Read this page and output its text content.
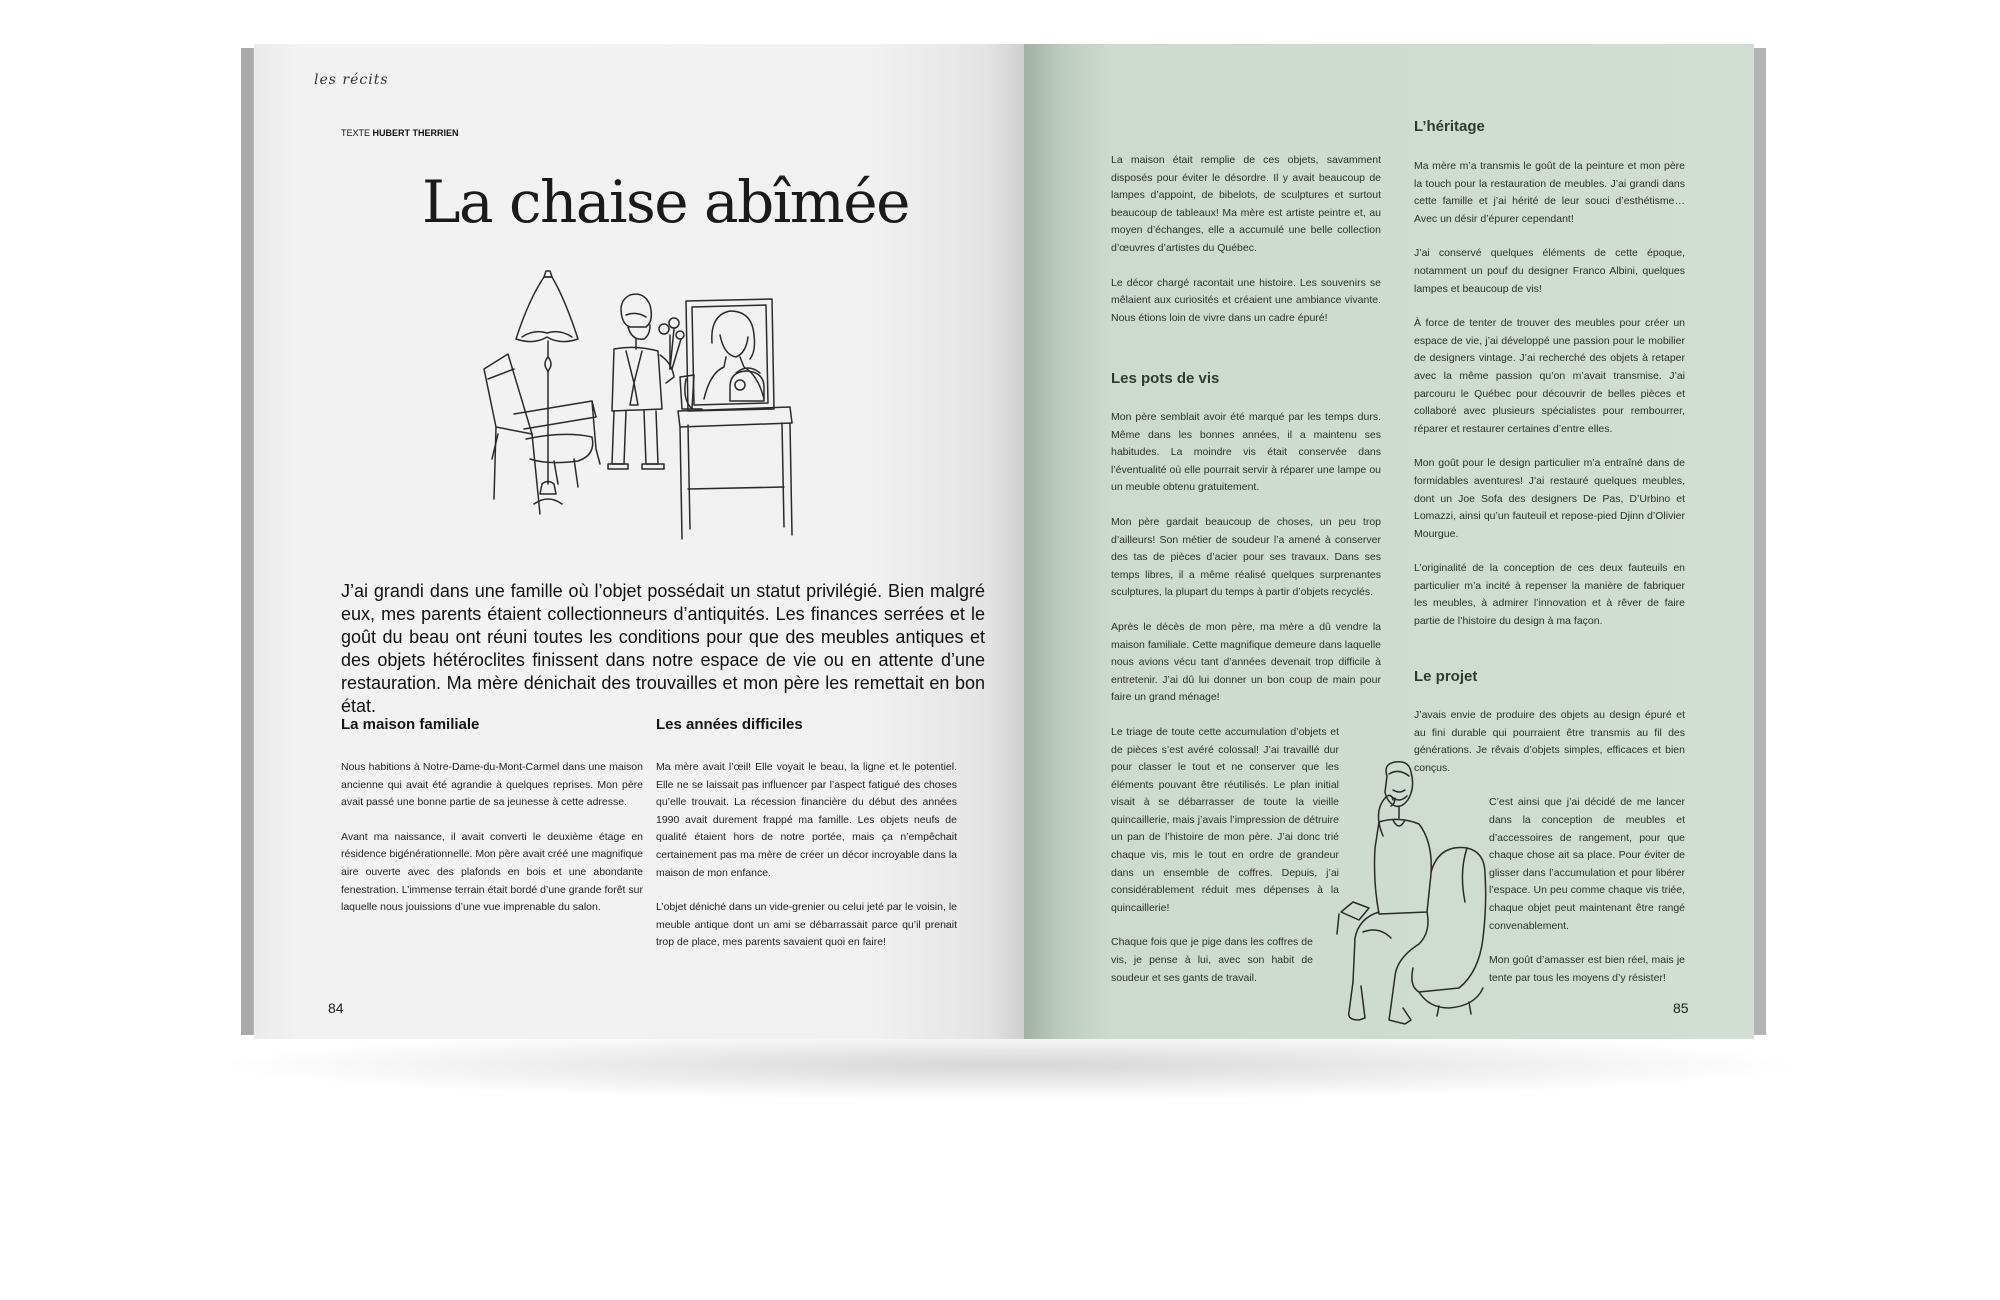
les récits
TEXTE HUBERT THERRIEN
La chaise abîmée
J’ai grandi dans une famille où l’objet possédait un statut privilégié. Bien malgré eux, mes parents étaient collectionneurs d’antiquités. Les finances serrées et le goût du beau ont réuni toutes les conditions pour que des meubles antiques et des objets hétéroclites finissent dans notre espace de vie ou en attente d’une restauration. Ma mère dénichait des trouvailles et mon père les remettait en bon état.
La maison familiale

Nous habitions à Notre-Dame-du-Mont-Carmel dans une maison ancienne qui avait été agrandie à quelques reprises. Mon père avait passé une bonne partie de sa jeunesse à cette adresse.

Avant ma naissance, il avait converti le deuxième étage en résidence bigénérationnelle. Mon père avait créé une magnifique aire ouverte avec des plafonds en bois et une abondante fenestration. L’immense terrain était bordé d’une grande forêt sur laquelle nous jouissions d’une vue imprenable du salon.

Les années difficiles

Ma mère avait l’œil! Elle voyait le beau, la ligne et le potentiel. Elle ne se laissait pas influencer par l’aspect fatigué des choses qu’elle trouvait. La récession financière du début des années 1990 avait durement frappé ma famille. Les objets neufs de qualité étaient hors de notre portée, mais ça n’empêchait certainement pas ma mère de créer un décor incroyable dans la maison de mon enfance.

L’objet déniché dans un vide-grenier ou celui jeté par le voisin, le meuble antique dont un ami se débarrassait parce qu’il prenait trop de place, mes parents savaient quoi en faire!

84

La maison était remplie de ces objets, savamment disposés pour éviter le désordre. Il y avait beaucoup de lampes d’appoint, de bibelots, de sculptures et surtout beaucoup de tableaux! Ma mère est artiste peintre et, au moyen d’échanges, elle a accumulé une belle collection d’œuvres d’artistes du Québec.

Le décor chargé racontait une histoire. Les souvenirs se mêlaient aux curiosités et créaient une ambiance vivante. Nous étions loin de vivre dans un cadre épuré!

Les pots de vis

Mon père semblait avoir été marqué par les temps durs. Même dans les bonnes années, il a maintenu ses habitudes. La moindre vis était conservée dans l’éventualité où elle pourrait servir à réparer une lampe ou un meuble obtenu gratuitement.

Mon père gardait beaucoup de choses, un peu trop d’ailleurs! Son métier de soudeur l’a amené à conserver des tas de pièces d’acier pour ses travaux. Dans ses temps libres, il a même réalisé quelques surprenantes sculptures, la plupart du temps à partir d’objets recyclés.

Après le décès de mon père, ma mère a dû vendre la maison familiale. Cette magnifique demeure dans laquelle nous avions vécu tant d’années devenait trop difficile à entretenir. J’ai dû lui donner un bon coup de main pour faire un grand ménage!

Le triage de toute cette accumulation d’objets et de pièces s’est avéré colossal! J’ai travaillé dur pour classer le tout et ne conserver que les éléments pouvant être réutilisés. Le plan initial visait à se débarrasser de toute la vieille quincaillerie, mais j’avais l’impression de détruire un pan de l’histoire de mon père. J’ai donc trié chaque vis, mis le tout en ordre de grandeur dans un ensemble de coffres. Depuis, j’ai considérablement réduit mes dépenses à la quincaillerie!

Chaque fois que je pige dans les coffres de vis, je pense à lui, avec son habit de soudeur et ses gants de travail.

L’héritage

Ma mère m’a transmis le goût de la peinture et mon père la touch pour la restauration de meubles. J’ai grandi dans cette famille et j’ai hérité de leur souci d’esthétisme… Avec un désir d’épurer cependant!

J’ai conservé quelques éléments de cette époque, notamment un pouf du designer Franco Albini, quelques lampes et beaucoup de vis!

À force de tenter de trouver des meubles pour créer un espace de vie, j’ai développé une passion pour le mobilier de designers vintage. J’ai recherché des objets à retaper avec la même passion qu’on m’avait transmise. J’ai parcouru le Québec pour découvrir de belles pièces et collaboré avec plusieurs spécialistes pour rembourrer, réparer et restaurer certaines d’entre elles.

Mon goût pour le design particulier m’a entraîné dans de formidables aventures! J’ai restauré quelques meubles, dont un Joe Sofa des designers De Pas, D’Urbino et Lomazzi, ainsi qu’un fauteuil et repose-pied Djinn d’Olivier Mourgue.

L’originalité de la conception de ces deux fauteuils en particulier m’a incité à repenser la manière de fabriquer les meubles, à admirer l’innovation et à rêver de faire partie de l’histoire du design à ma façon.

Le projet

J’avais envie de produire des objets au design épuré et au fini durable qui pourraient être transmis au fil des générations. Je rêvais d’objets simples, efficaces et bien conçus.

C’est ainsi que j’ai décidé de me lancer dans la conception de meubles et d’accessoires de rangement, pour que chaque chose ait sa place. Pour éviter de glisser dans l’accumulation et pour libérer l’espace. Un peu comme chaque vis triée, chaque objet peut maintenant être rangé convenablement.

Mon goût d’amasser est bien réel, mais je tente par tous les moyens d’y résister!

85
